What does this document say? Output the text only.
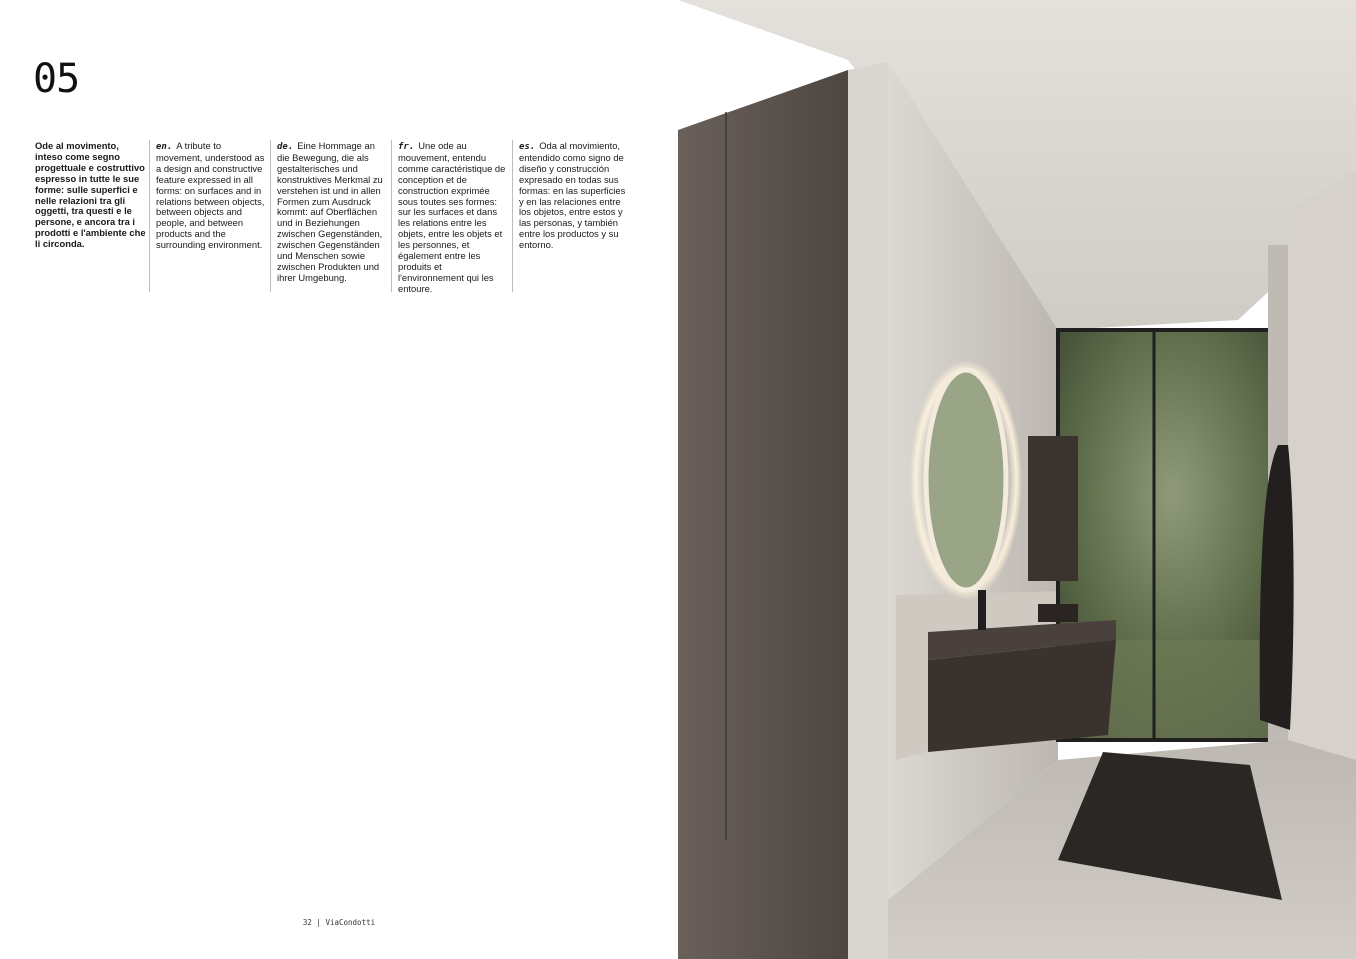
05
Ode al movimento, inteso come segno progettuale e costruttivo espresso in tutte le sue forme: sulle superfici e nelle relazioni tra gli oggetti, tra questi e le persone, e ancora tra i prodotti e l'ambiente che li circonda.
en. A tribute to movement, understood as a design and constructive feature expressed in all forms: on surfaces and in relations between objects, between objects and people, and between products and the surrounding environment.
de. Eine Hommage an die Bewegung, die als gestalterisches und konstruktives Merkmal zu verstehen ist und in allen Formen zum Ausdruck kommt: auf Oberflächen und in Beziehungen zwischen Gegenständen, zwischen Gegenständen und Menschen sowie zwischen Produkten und ihrer Umgebung.
fr. Une ode au mouvement, entendu comme caractéristique de conception et de construction exprimée sous toutes ses formes: sur les surfaces et dans les relations entre les objets, entre les objets et les personnes, et également entre les produits et l'environnement qui les entoure.
es. Oda al movimiento, entendido como signo de diseño y construcción expresado en todas sus formas: en las superficies y en las relaciones entre los objetos, entre estos y las personas, y también entre los productos y su entorno.
32 | ViaCondotti
